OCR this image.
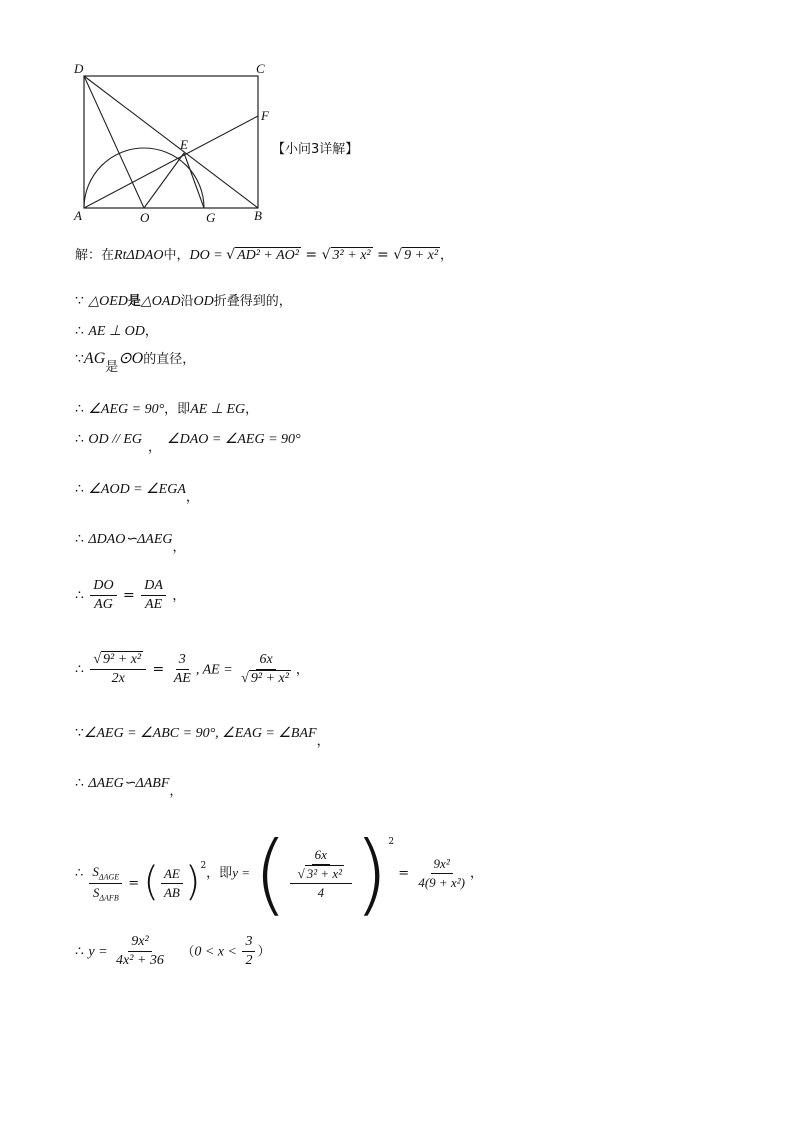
D	C
F
E
A	O	G	B
【小问3详解】
解：在RtΔDAO中，DO = √ AD² + AO² = √ 3² + x² = √ 9 + x² ，
∵ △OED是△OAD沿OD折叠得到的，
∴ AE ⊥ OD，
∵AG是⊙O的直径，
∴ ∠AEG = 90°，即AE ⊥ EG，
∴ OD // EG，∠DAO = ∠AEG = 90°
∴ ∠AOD = ∠EGA，
∴ ΔDAO∽ΔAEG，
∴ $\frac{DO}{AG} = \frac{DA}{AE}$ ，
∴ $\frac{\text{√ 9² + x²}}{2x} = \frac{3}{AE}$ , AE = $\frac{6x}{\text{√ 9² + x²}}$ ，
∵∠AEG = ∠ABC = 90°, ∠EAG = ∠BAF，
∴ ΔAEG∽ΔABF，
∴ $\frac{S_{\Delta AGE}}{S_{\Delta AFB}}$ = ( $\frac{AE}{AB} )^2$，即y = ( $\frac{\frac{6x}{\text{√ 3² + x²}}}{4} )^2 = \frac{\text{9x²}}{\text{4(9 + x²)}}$ ，
∴ $y = \frac{\text{9x²}}{\text{4x² + 36}} (0 < x < \frac{3}{2}$ ）
